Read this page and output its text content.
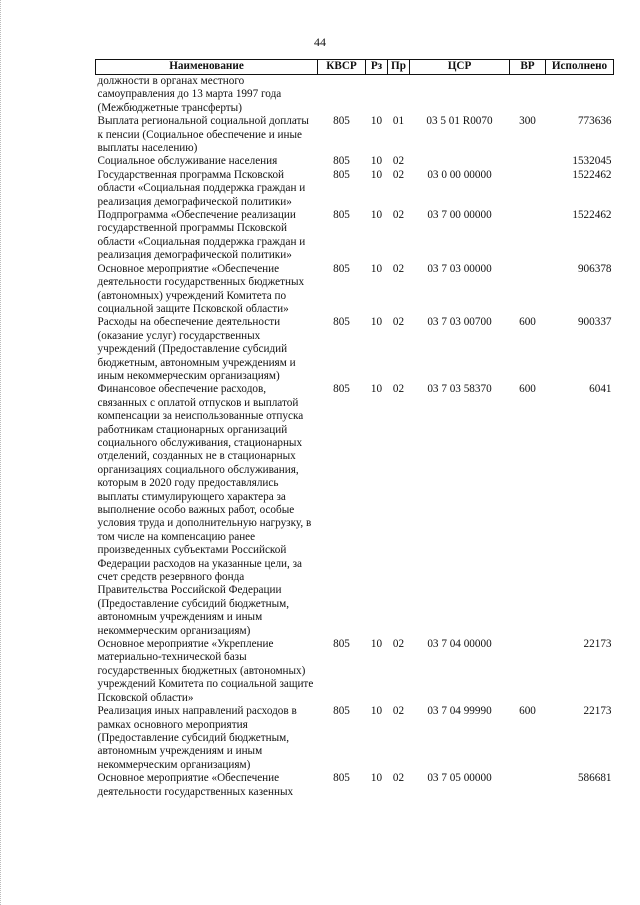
44
Наименование	КВСР	Рз	Пр	ЦСР	ВР	Исполнено
должности в органах местного самоуправления до 13 марта 1997 года (Межбюджетные трансферты)						
Выплата региональной социальной доплаты к пенсии (Социальное обеспечение и иные выплаты населению)	805	10	01	03 5 01 R0070	300	773636
Социальное обслуживание населения	805	10	02			1532045
Государственная программа Псковской области «Социальная поддержка граждан и реализация демографической политики»	805	10	02	03 0 00 00000		1522462
Подпрограмма «Обеспечение реализации государственной программы Псковской области «Социальная поддержка граждан и реализация демографической политики»	805	10	02	03 7 00 00000		1522462
Основное мероприятие «Обеспечение деятельности государственных бюджетных (автономных) учреждений Комитета по социальной защите Псковской области»	805	10	02	03 7 03 00000		906378
Расходы на обеспечение деятельности (оказание услуг) государственных учреждений (Предоставление субсидий бюджетным, автономным учреждениям и иным некоммерческим организациям)	805	10	02	03 7 03 00700	600	900337
Финансовое обеспечение расходов, связанных с оплатой отпусков и выплатой компенсации за неиспользованные отпуска работникам стационарных организаций социального обслуживания, стационарных отделений, созданных не в стационарных организациях социального обслуживания, которым в 2020 году предоставлялись выплаты стимулирующего характера за выполнение особо важных работ, особые условия труда и дополнительную нагрузку, в том числе на компенсацию ранее произведенных субъектами Российской Федерации расходов на указанные цели, за счет средств резервного фонда Правительства Российской Федерации (Предоставление субсидий бюджетным, автономным учреждениям и иным некоммерческим организациям)	805	10	02	03 7 03 58370	600	6041
Основное мероприятие «Укрепление материально-технической базы государственных бюджетных (автономных) учреждений Комитета по социальной защите Псковской области»	805	10	02	03 7 04 00000		22173
Реализация иных направлений расходов в рамках основного мероприятия (Предоставление субсидий бюджетным, автономным учреждениям и иным некоммерческим организациям)	805	10	02	03 7 04 99990	600	22173
Основное мероприятие «Обеспечение деятельности государственных казенных	805	10	02	03 7 05 00000		586681
